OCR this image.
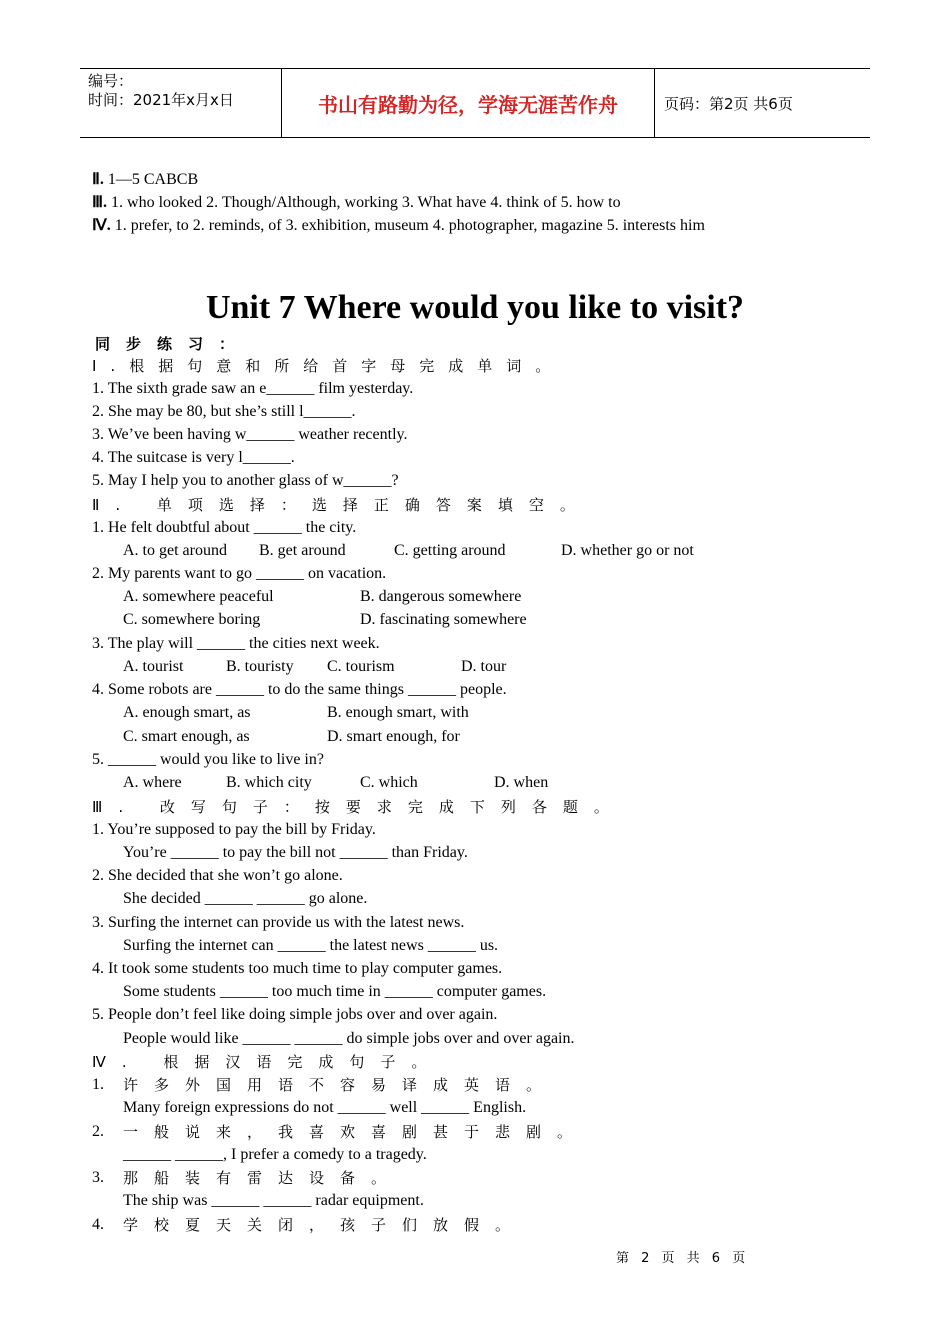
编号：
时间：2021年x月x日	书山有路勤为径，学海无涯苦作舟	页码：第2页 共6页
Ⅱ. 1—5 CABCB
Ⅲ. 1. who looked 2. Though/Although, working 3. What have 4. think of 5. how to
Ⅳ. 1. prefer, to 2. reminds, of 3. exhibition, museum 4. photographer, magazine 5. interests him
Unit 7 Where would you like to visit?
同步练习：
I.根据句意和所给首字母完成单词。
1. The sixth grade saw an e______ film yesterday.
2. She may be 80, but she’s still l______.
3. We’ve been having w______ weather recently.
4. The suitcase is very l______.
5. May I help you to another glass of w______?
Ⅱ. 单项选择：选择正确答案填空。
1. He felt doubtful about ______ the city.
A. to get around B. get around	C. getting around	D. whether go or not
2. My parents want to go ______ on vacation.
A. somewhere peaceful	B. dangerous somewhere
C. somewhere boring	D. fascinating somewhere
3. The play will ______ the cities next week.
A. tourist	B. touristy C. tourism	D. tour
4. Some robots are ______ to do the same things ______ people.
A. enough smart, as	B. enough smart, with
C. smart enough, as	D. smart enough, for
5. ______ would you like to live in?
A. where	B. which city	C. which	D. when
Ⅲ. 改写句子：按要求完成下列各题。
1. You’re supposed to pay the bill by Friday.
You’re ______ to pay the bill not ______ than Friday.
2. She decided that she won’t go alone.
She decided ______ ______ go alone.
3. Surfing the internet can provide us with the latest news.
Surfing the internet can ______ the latest news ______ us.
4. It took some students too much time to play computer games.
Some students ______ too much time in ______ computer games.
5. People don’t feel like doing simple jobs over and over again.
People would like ______ ______ do simple jobs over and over again.
Ⅳ. 根据汉语完成句子。
1. 许多外国用语不容易译成英语。
Many foreign expressions do not ______ well ______ English.
2. 一般说来，我喜欢喜剧甚于悲剧。
______ ______, I prefer a comedy to a tragedy.
3. 那船装有雷达设备。
The ship was ______ ______ radar equipment.
4. 学校夏天关闭，孩子们放假。
第 2 页 共 6 页
